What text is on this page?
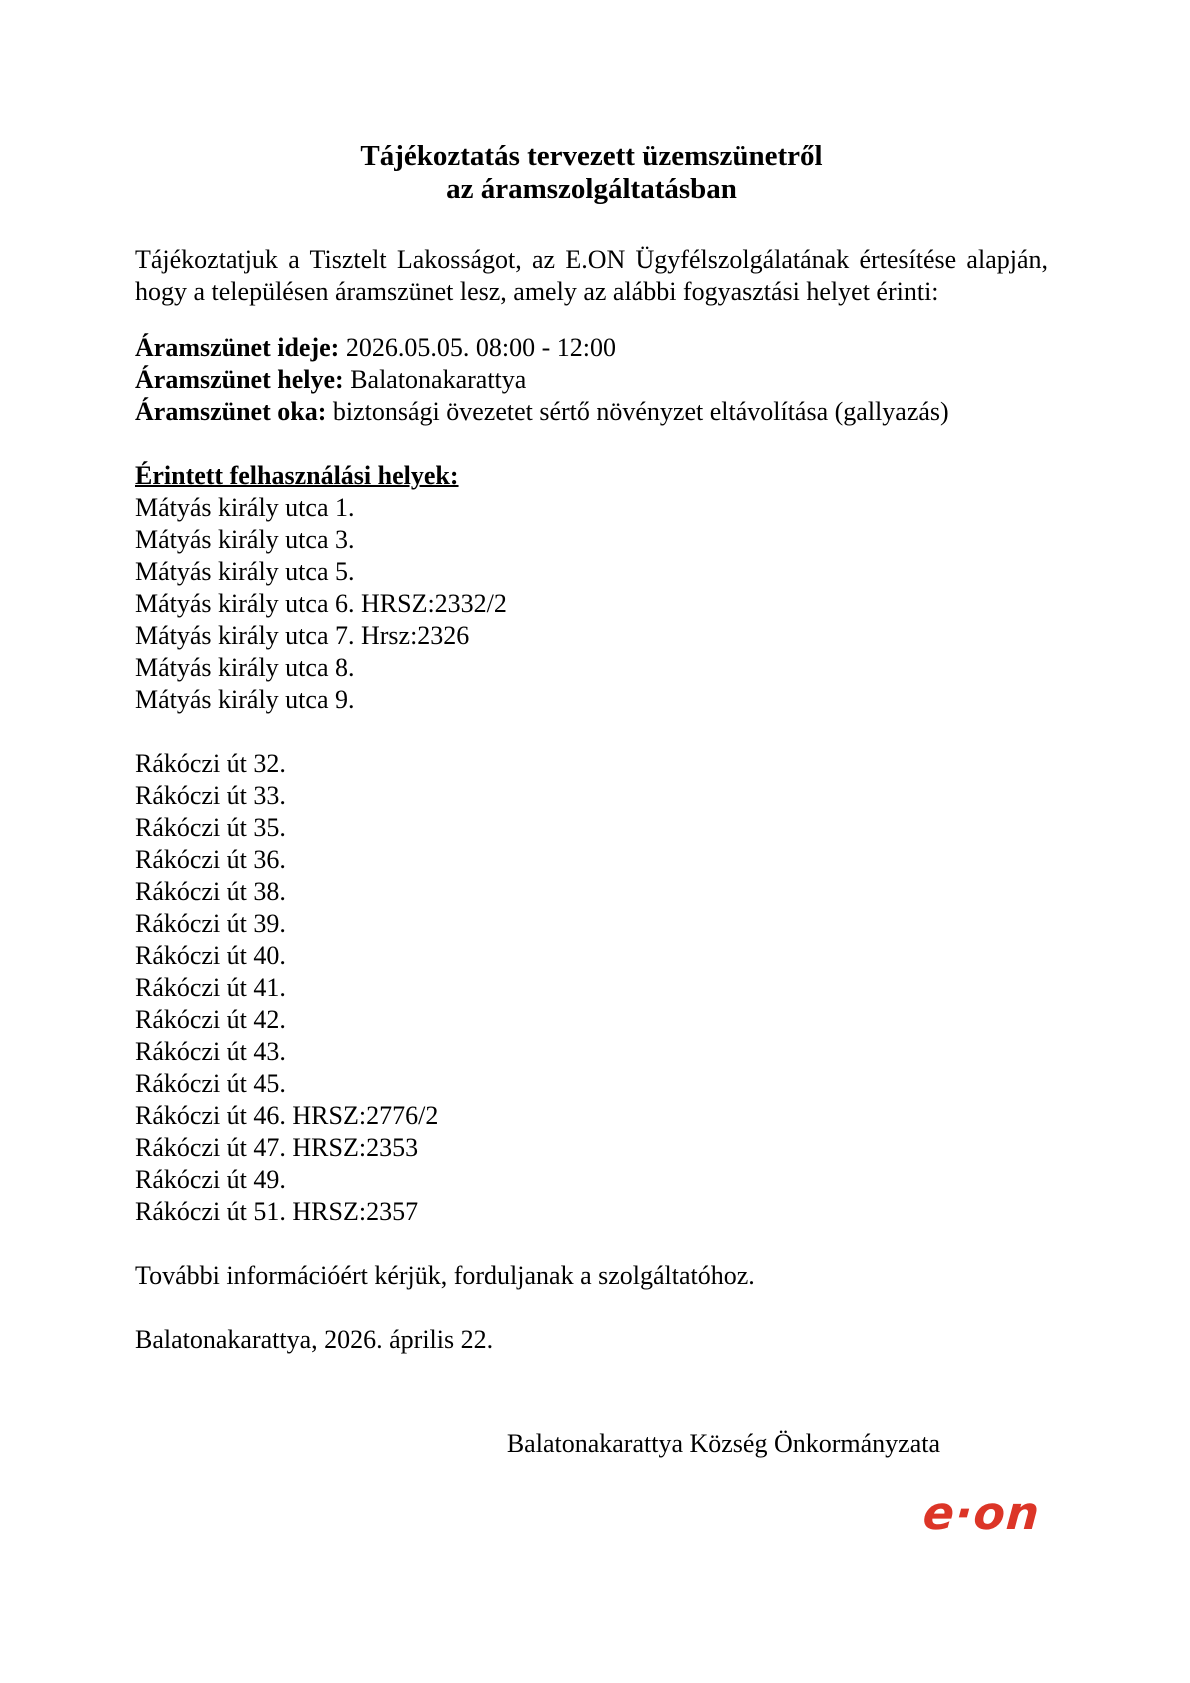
Tájékoztatás tervezett üzemszünetről
az áramszolgáltatásban

Tájékoztatjuk a Tisztelt Lakosságot, az E.ON Ügyfélszolgálatának értesítése alapján, hogy a településen áramszünet lesz, amely az alábbi fogyasztási helyet érinti:

Áramszünet ideje: 2026.05.05. 08:00 - 12:00
Áramszünet helye: Balatonakarattya
Áramszünet oka: biztonsági övezetet sértő növényzet eltávolítása (gallyazás)
Érintett felhasználási helyek:
Mátyás király utca 1.
Mátyás király utca 3.
Mátyás király utca 5.
Mátyás király utca 6. HRSZ:2332/2
Mátyás király utca 7. Hrsz:2326
Mátyás király utca 8.
Mátyás király utca 9.
Rákóczi út 32.
Rákóczi út 33.
Rákóczi út 35.
Rákóczi út 36.
Rákóczi út 38.
Rákóczi út 39.
Rákóczi út 40.
Rákóczi út 41.
Rákóczi út 42.
Rákóczi út 43.
Rákóczi út 45.
Rákóczi út 46. HRSZ:2776/2
Rákóczi út 47. HRSZ:2353
Rákóczi út 49.
Rákóczi út 51. HRSZ:2357

További információért kérjük, forduljanak a szolgáltatóhoz.

Balatonakarattya, 2026. április 22.

Balatonakarattya Község Önkormányzata

e·on
